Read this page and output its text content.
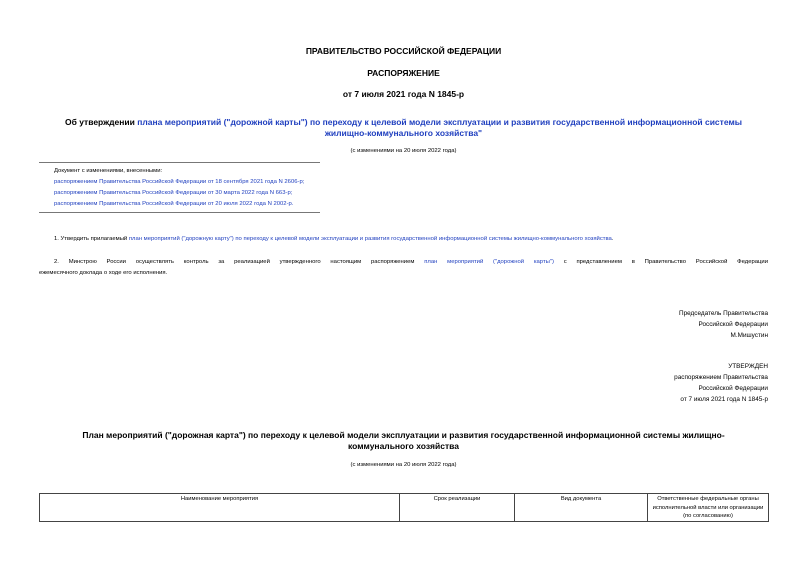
ПРАВИТЕЛЬСТВО РОССИЙСКОЙ ФЕДЕРАЦИИ
РАСПОРЯЖЕНИЕ
от 7 июля 2021 года N 1845-р
Об утверждении плана мероприятий ("дорожной карты") по переходу к целевой модели эксплуатации и развития государственной информационной системы
жилищно-коммунального хозяйства"
(с изменениями на 20 июля 2022 года)
Документ с изменениями, внесенными:
распоряжением Правительства Российской Федерации от 18 сентября 2021 года N 2606-р;
распоряжением Правительства Российской Федерации от 30 марта 2022 года N 663-р;
распоряжением Правительства Российской Федерации от 20 июля 2022 года N 2002-р.
1. Утвердить прилагаемый план мероприятий ("дорожную карту") по переходу к целевой модели эксплуатации и развития государственной информационной системы жилищно-коммунального хозяйства.
2. Минстрою России осуществлять контроль за реализацией утвержденного настоящим распоряжением план мероприятий ("дорожной карты") с представлением в Правительство Российской Федерации
ежемесячного доклада о ходе его исполнения.
Председатель Правительства
Российской Федерации
М.Мишустин
УТВЕРЖДЕН
распоряжением Правительства
Российской Федерации
от 7 июля 2021 года N 1845-р
План мероприятий ("дорожная карта") по переходу к целевой модели эксплуатации и развития государственной информационной системы жилищно-
коммунального хозяйства
(с изменениями на 20 июля 2022 года)
Наименование мероприятия	Срок реализации	Вид документа	Ответственные федеральные органы исполнительной власти или организации (по согласованию)
